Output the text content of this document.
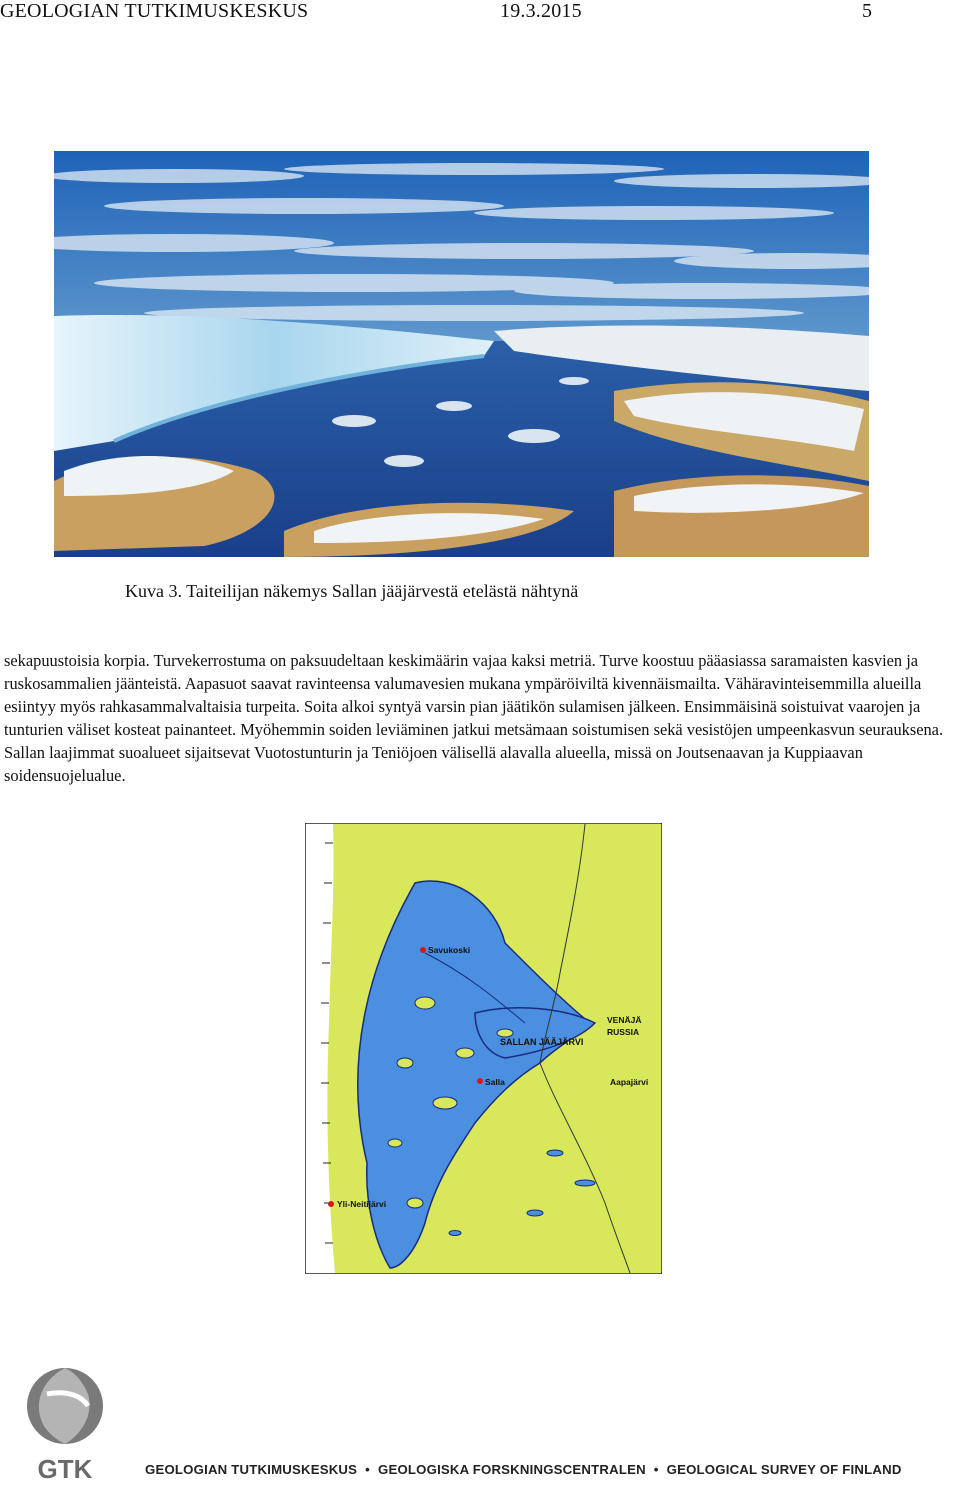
GEOLOGIAN TUTKIMUSKESKUS	19.3.2015	5
Kuva 3. Taiteilijan näkemys Sallan jääjärvestä etelästä nähtynä

sekapuustoisia korpia. Turvekerrostuma on paksuudeltaan keskimäärin vajaa kaksi metriä. Turve koostuu pääasiassa saramaisten kasvien ja ruskosammalien jäänteistä. Aapasuot saavat ravinteensa valumavesien mukana ympäröiviltä kivennäismailta. Vähäravinteisemmilla alueilla esiintyy myös rahkasammalvaltaisia turpeita. Soita alkoi syntyä varsin pian jäätikön sulamisen jälkeen. Ensimmäisinä soistuivat vaarojen ja tunturien väliset kosteat painanteet. Myöhemmin soiden leviäminen jatkui metsämaan soistumisen sekä vesistöjen umpeenkasvun seurauksena. Sallan laajimmat suoalueet sijaitsevat Vuotostunturin ja Teniöjoen välisellä alavalla alueella, missä on Joutsenaavan ja Kuppiaavan soidensuojelualue.

Savukoski
SALLAN JÄÄJÄRVI
VENÄJÄ
RUSSIA
Salla	Aapajärvi
Yli-Neitijärvi
GTK	GEOLOGIAN TUTKIMUSKESKUS • GEOLOGISKA FORSKNINGSCENTRALEN • GEOLOGICAL SURVEY OF FINLAND
